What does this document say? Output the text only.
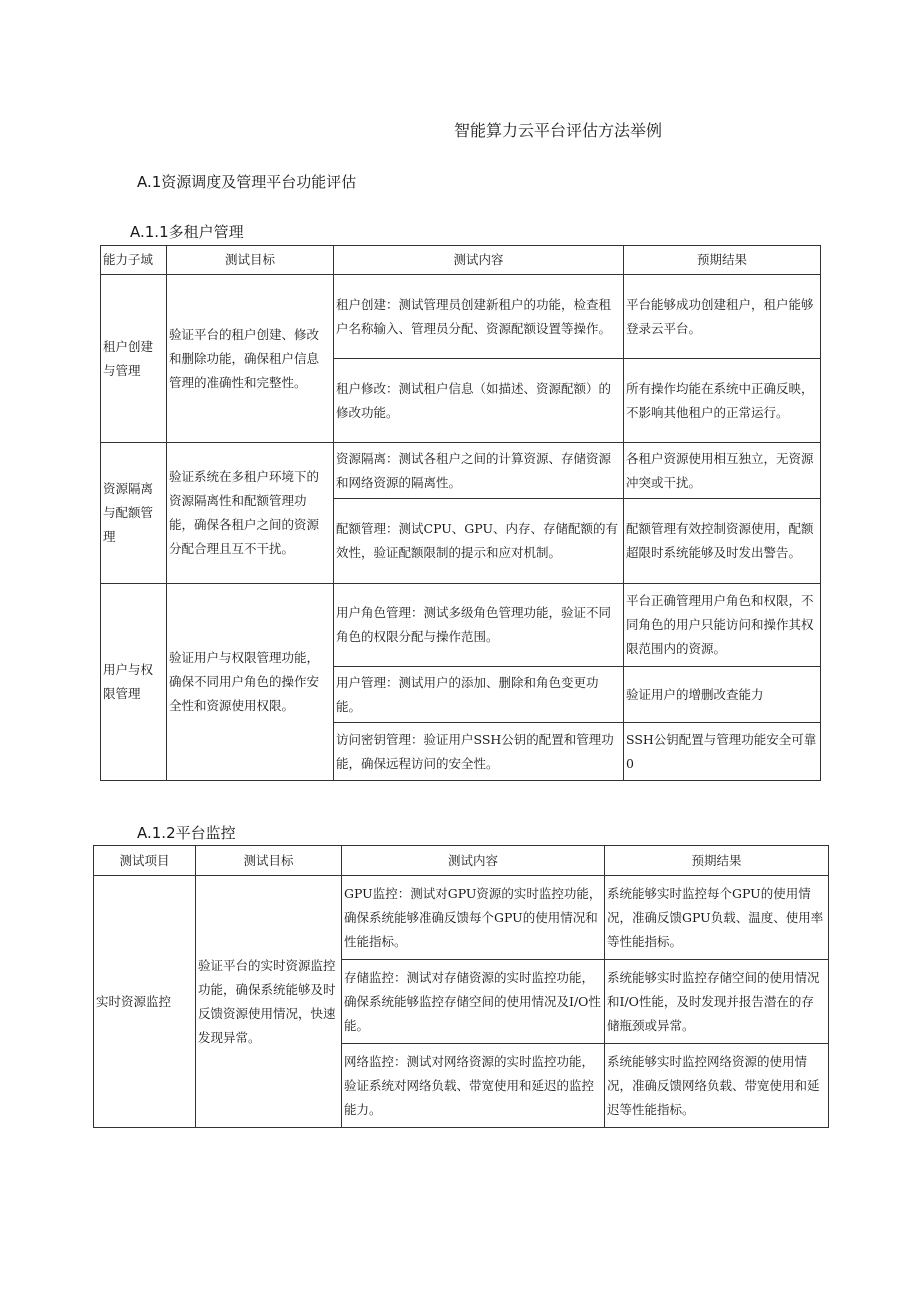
智能算力云平台评估方法举例
A.1资源调度及管理平台功能评估
A.1.1多租户管理
能力子域	测试目标	测试内容	预期结果
租户创建与管理	验证平台的租户创建、修改和删除功能，确保租户信息管理的准确性和完整性。	租户创建：测试管理员创建新租户的功能，检查租户名称输入、管理员分配、资源配额设置等操作。	平台能够成功创建租户，租户能够登录云平台。
		租户修改：测试租户信息（如描述、资源配额）的修改功能。	所有操作均能在系统中正确反映，不影响其他租户的正常运行。
资源隔离与配额管理	验证系统在多租户环境下的资源隔离性和配额管理功能，确保各租户之间的资源分配合理且互不干扰。	资源隔离：测试各租户之间的计算资源、存储资源和网络资源的隔离性。	各租户资源使用相互独立，无资源冲突或干扰。
		配额管理：测试CPU、GPU、内存、存储配额的有效性，验证配额限制的提示和应对机制。	配额管理有效控制资源使用，配额超限时系统能够及时发出警告。
用户与权限管理	验证用户与权限管理功能，确保不同用户角色的操作安全性和资源使用权限。	用户角色管理：测试多级角色管理功能，验证不同角色的权限分配与操作范围。	平台正确管理用户角色和权限，不同角色的用户只能访问和操作其权限范围内的资源。
		用户管理：测试用户的添加、删除和角色变更功能。	验证用户的增删改查能力
		访问密钥管理：验证用户SSH公钥的配置和管理功能，确保远程访问的安全性。	SSH公钥配置与管理功能安全可靠0
A.1.2平台监控
测试项目	测试目标	测试内容	预期结果
实时资源监控	验证平台的实时资源监控功能，确保系统能够及时反馈资源使用情况，快速发现异常。	GPU监控：测试对GPU资源的实时监控功能，确保系统能够准确反馈每个GPU的使用情况和性能指标。	系统能够实时监控每个GPU的使用情况，准确反馈GPU负载、温度、使用率等性能指标。
		存储监控：测试对存储资源的实时监控功能，确保系统能够监控存储空间的使用情况及I/O性能。	系统能够实时监控存储空间的使用情况和I/O性能，及时发现并报告潜在的存储瓶颈或异常。
		网络监控：测试对网络资源的实时监控功能，验证系统对网络负载、带宽使用和延迟的监控能力。	系统能够实时监控网络资源的使用情况，准确反馈网络负载、带宽使用和延迟等性能指标。
